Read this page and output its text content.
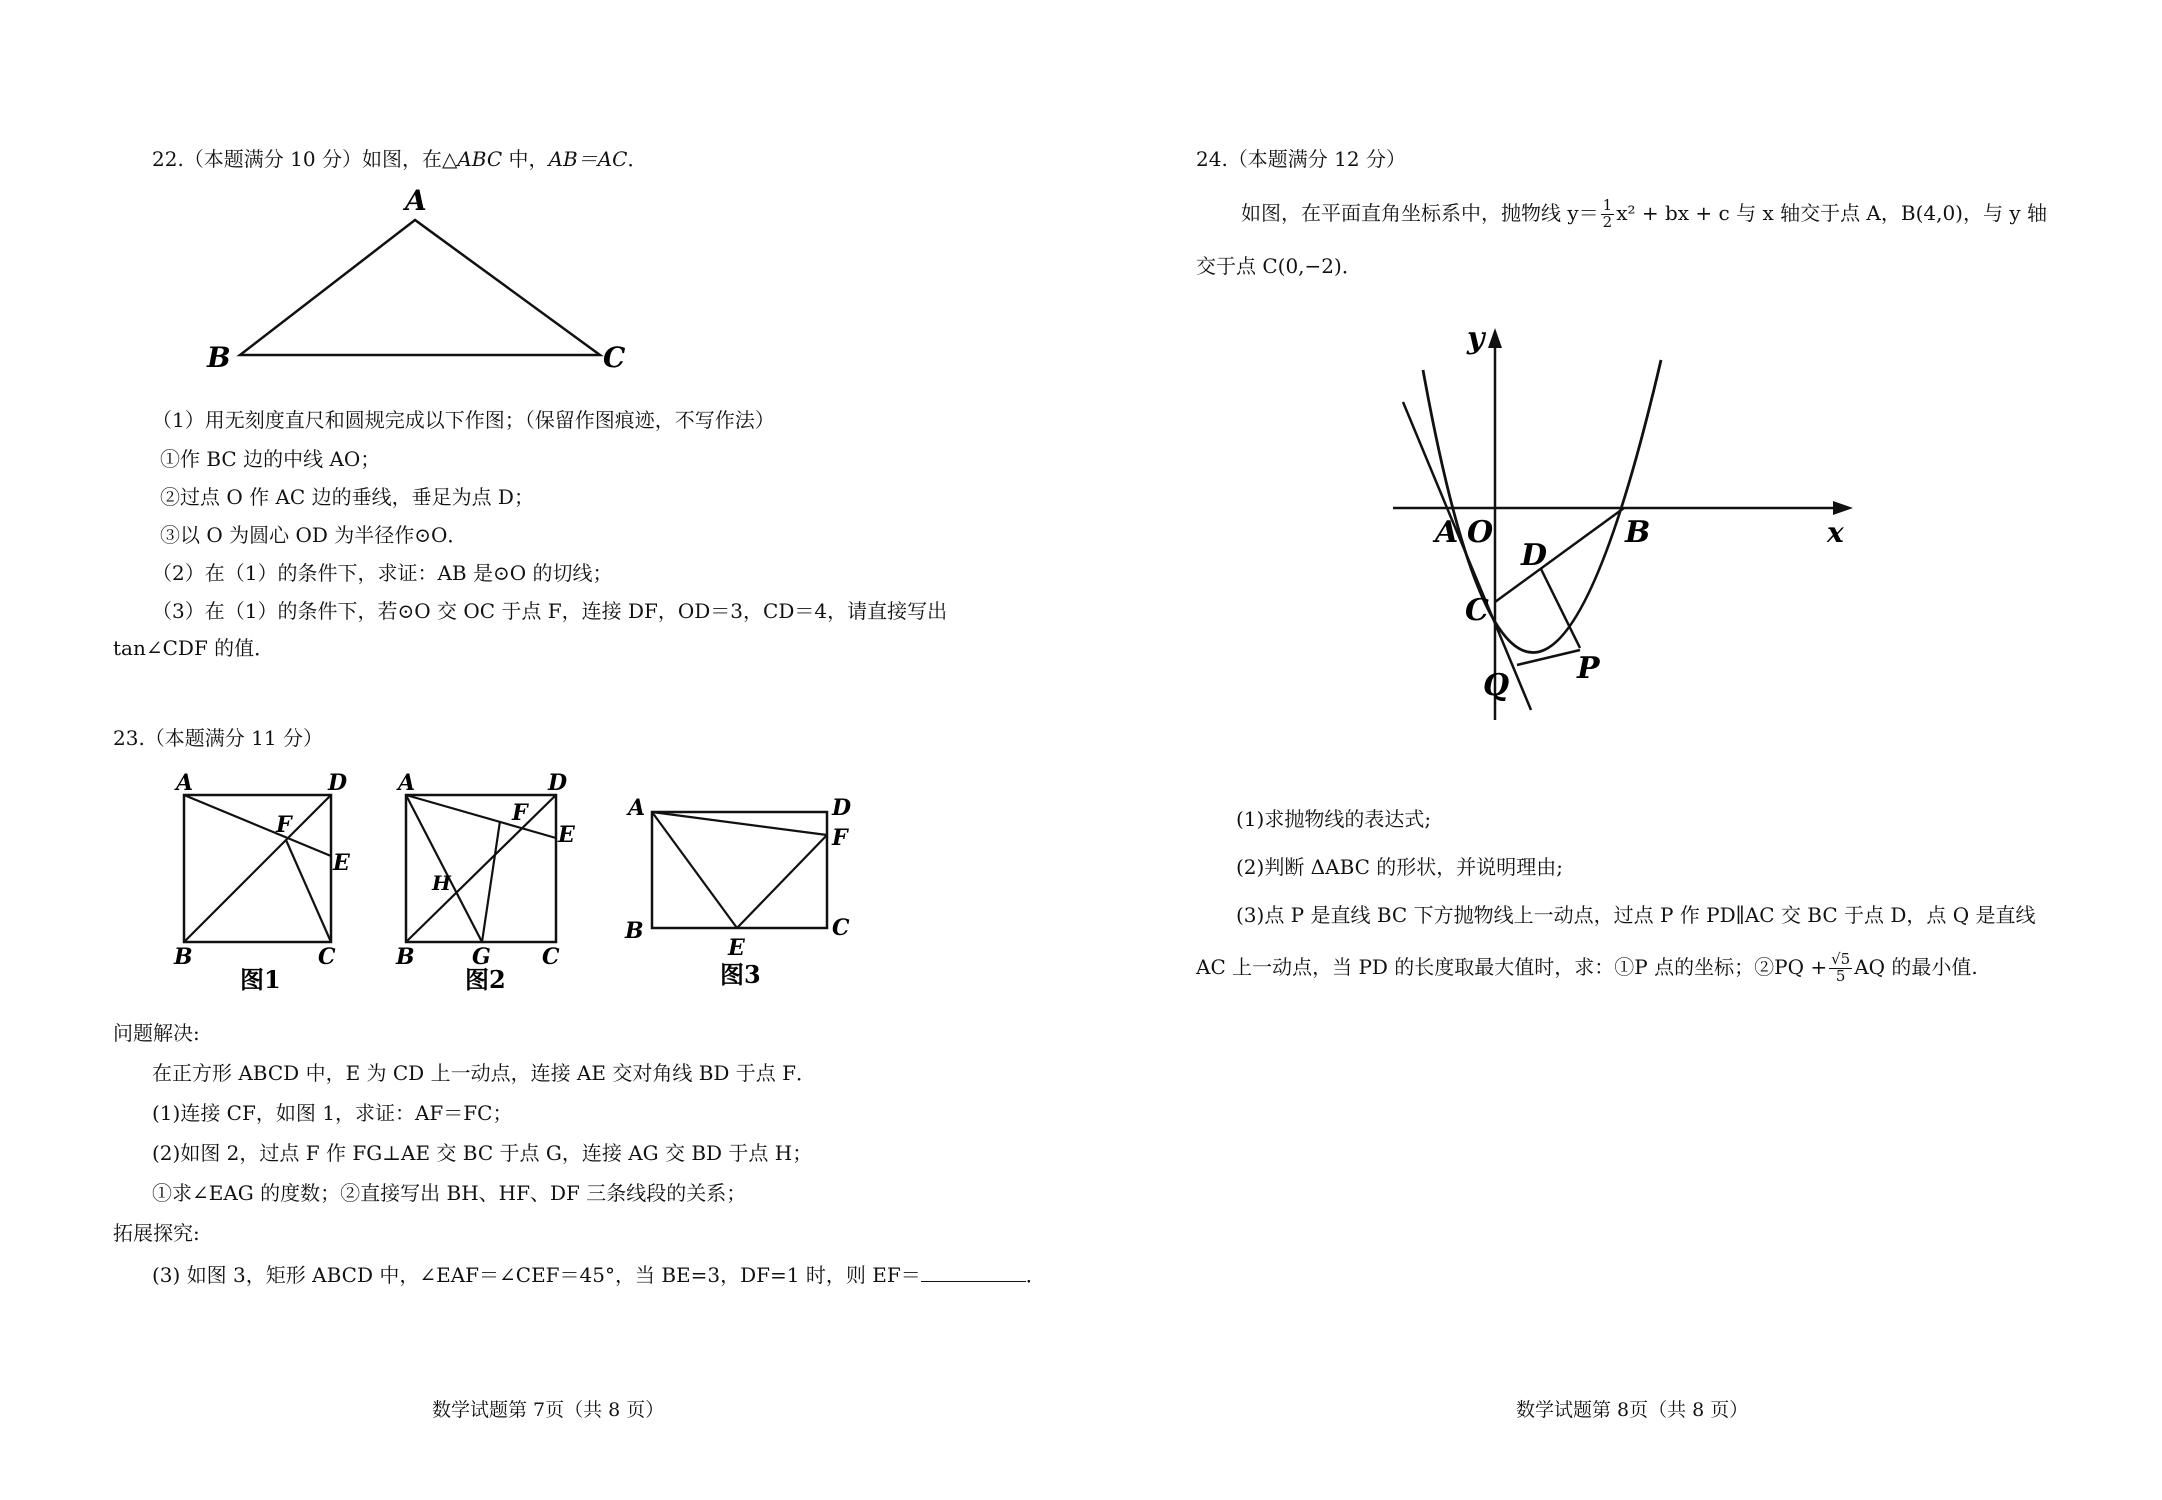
22.（本题满分 10 分）如图，在△ABC 中，AB＝AC．
A
B	C
（1）用无刻度直尺和圆规完成以下作图；（保留作图痕迹，不写作法）
①作 BC 边的中线 AO；
②过点 O 作 AC 边的垂线，垂足为点 D；
③以 O 为圆心 OD 为半径作⊙O．
（2）在（1）的条件下，求证：AB 是⊙O 的切线；
（3）在（1）的条件下，若⊙O 交 OC 于点 F，连接 DF，OD＝3，CD＝4，请直接写出
tan∠CDF 的值．
23.（本题满分 11 分）
A	D
F
E
B	C
图1
A	D
F
E
H
B	G C
图2
A	D
F
B
E
C
图3
问题解决:
在正方形 ABCD 中，E 为 CD 上一动点，连接 AE 交对角线 BD 于点 F．
(1)连接 CF，如图 1，求证：AF＝FC；
(2)如图 2，过点 F 作 FG⊥AE 交 BC 于点 G，连接 AG 交 BD 于点 H；
①求∠EAG 的度数；②直接写出 BH、HF、DF 三条线段的关系；
拓展探究:
(3) 如图 3，矩形 ABCD 中，∠EAF＝∠CEF＝45°，当 BE=3，DF=1 时，则 EF＝	．
数学试题第 7页（共 8 页）
24.（本题满分 12 分）
如图，在平面直角坐标系中，抛物线 $y= \frac{1}{2} x^2$ + bx + c 与 x 轴交于点 A，B(4,0)，与 y 轴
交于点 C(0,−2)．
y
x
A O	B
D
C
Q P
(1)求抛物线的表达式;
(2)判断 ΔABC 的形状，并说明理由;
(3)点 P 是直线 BC 下方抛物线上一动点，过点 P 作 PD∥AC 交 BC 于点 D，点 Q 是直线
AC 上一动点，当 PD 的长度取最大值时，求：①P 点的坐标；②PQ + $\frac{√5}{5}$ AQ 的最小值.
数学试题第 8页（共 8 页）
